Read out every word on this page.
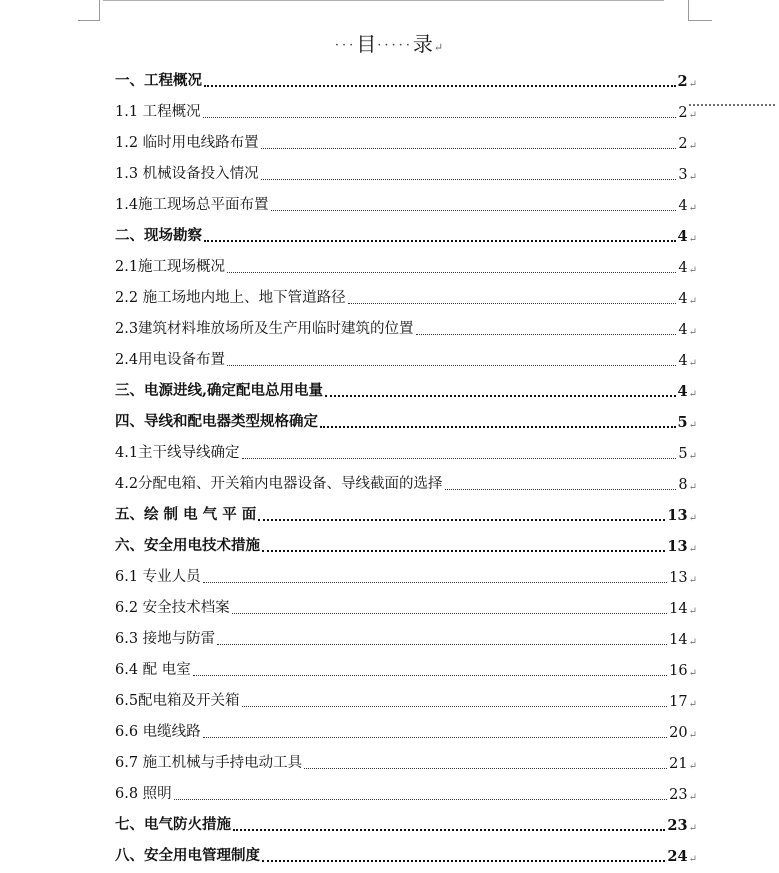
···目·····录↵
一、工程概况	2 ↵
1.1 工程概况	2 ↵
1.2 临时用电线路布置	2 ↵
1.3 机械设备投入情况	3 ↵
1.4施工现场总平面布置	4 ↵
二、现场勘察	4 ↵
2.1施工现场概况	4 ↵
2.2 施工场地内地上、地下管道路径	4 ↵
2.3建筑材料堆放场所及生产用临时建筑的位置	4 ↵
2.4用电设备布置	4 ↵
三、电源进线,确定配电总用电量	4 ↵
四、导线和配电器类型规格确定	5 ↵
4.1主干线导线确定	5 ↵
4.2分配电箱、开关箱内电器设备、导线截面的选择	8 ↵
五、绘 制 电 气 平 面	13 ↵
六、安全用电技术措施	13 ↵
6.1 专业人员	13 ↵
6.2 安全技术档案	14 ↵
6.3 接地与防雷	14 ↵
6.4 配 电室	16 ↵
6.5配电箱及开关箱	17 ↵
6.6 电缆线路	20 ↵
6.7 施工机械与手持电动工具	21 ↵
6.8 照明	23 ↵
七、电气防火措施	23 ↵
八、安全用电管理制度	24 ↵
